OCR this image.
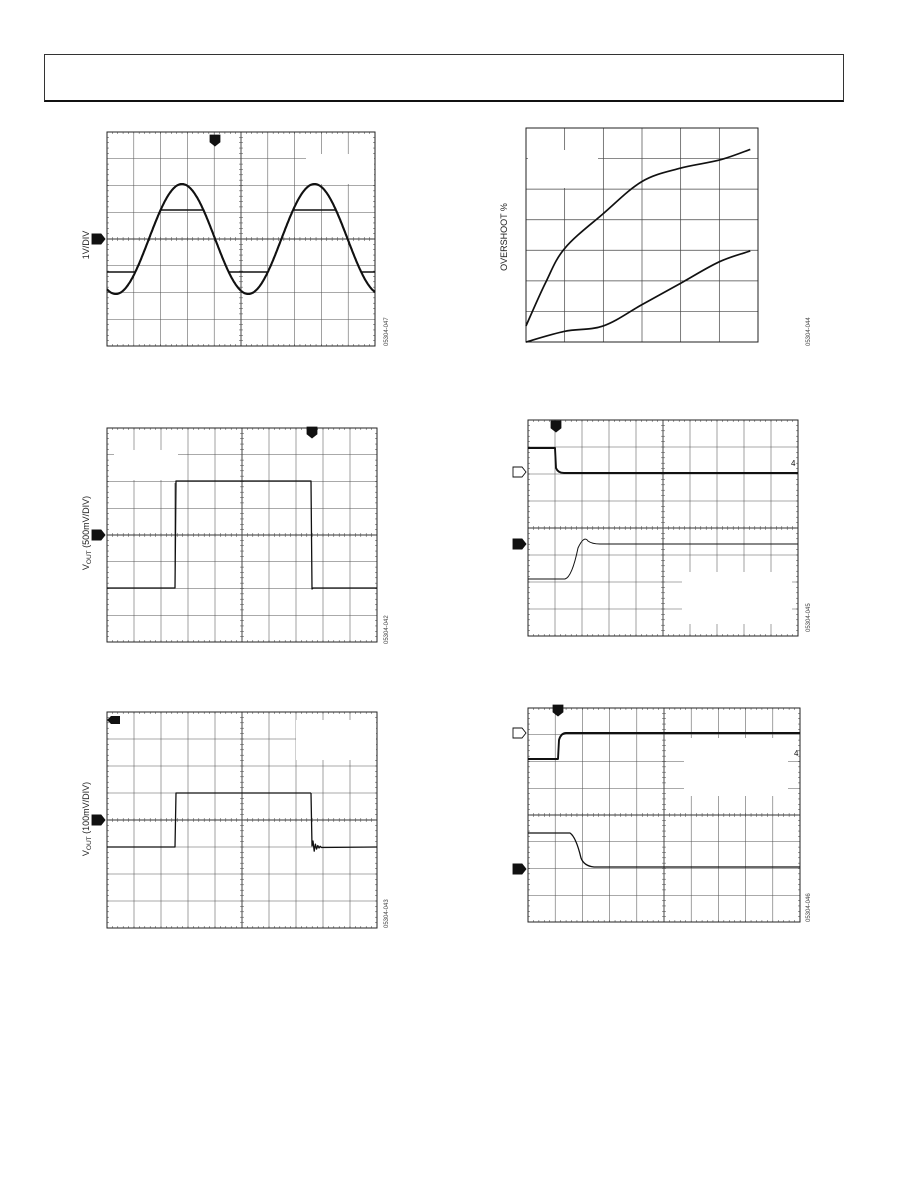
1V/DIV
05304-047
OVERSHOOT %
05304-044
$V_{OUT}$ (500mV/DIV)
05304-042
4
05304-045
$V_{OUT}$ (100mV/DIV)
05304-043
4
05304-046
